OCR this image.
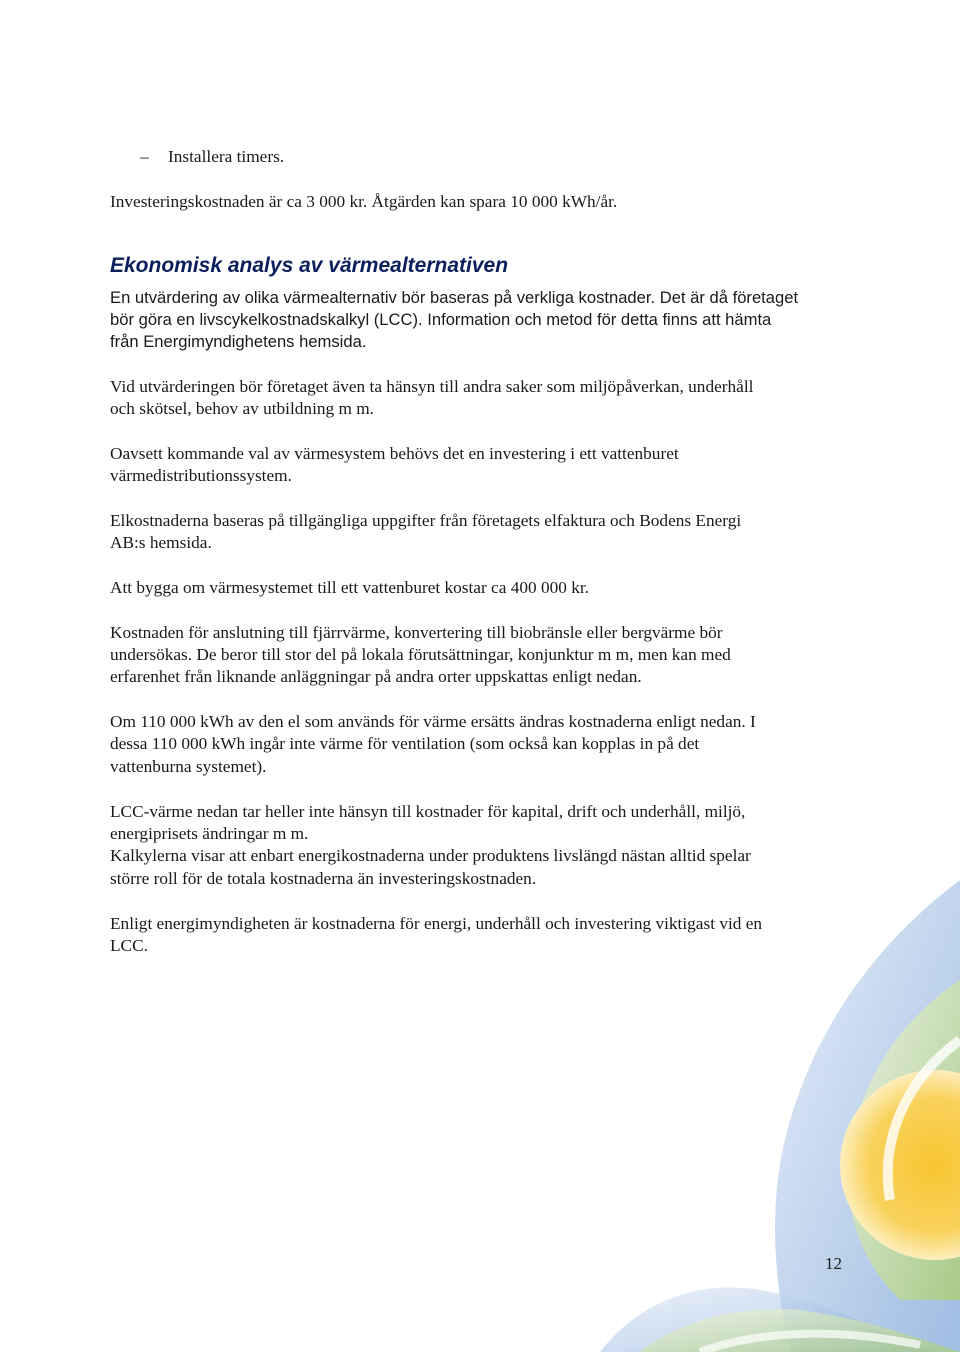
– Installera timers.

Investeringskostnaden är ca 3 000 kr. Åtgärden kan spara 10 000 kWh/år.

Ekonomisk analys av värmealternativen

En utvärdering av olika värmealternativ bör baseras på verkliga kostnader. Det är då företaget

bör göra en livscykelkostnadskalkyl (LCC). Information och metod för detta finns att hämta

från Energimyndighetens hemsida.

Vid utvärderingen bör företaget även ta hänsyn till andra saker som miljöpåverkan, underhåll

och skötsel, behov av utbildning m m.

Oavsett kommande val av värmesystem behövs det en investering i ett vattenburet

värmedistributionssystem.

Elkostnaderna baseras på tillgängliga uppgifter från företagets elfaktura och Bodens Energi

AB:s hemsida.

Att bygga om värmesystemet till ett vattenburet kostar ca 400 000 kr.

Kostnaden för anslutning till fjärrvärme, konvertering till biobränsle eller bergvärme bör

undersökas. De beror till stor del på lokala förutsättningar, konjunktur m m, men kan med

erfarenhet från liknande anläggningar på andra orter uppskattas enligt nedan.

Om 110 000 kWh av den el som används för värme ersätts ändras kostnaderna enligt nedan. I

dessa 110 000 kWh ingår inte värme för ventilation (som också kan kopplas in på det

vattenburna systemet).

LCC-värme nedan tar heller inte hänsyn till kostnader för kapital, drift och underhåll, miljö,

energiprisets ändringar m m.

Kalkylerna visar att enbart energikostnaderna under produktens livslängd nästan alltid spelar

större roll för de totala kostnaderna än investeringskostnaden.

Enligt energimyndigheten är kostnaderna för energi, underhåll och investering viktigast vid en

LCC.

12
